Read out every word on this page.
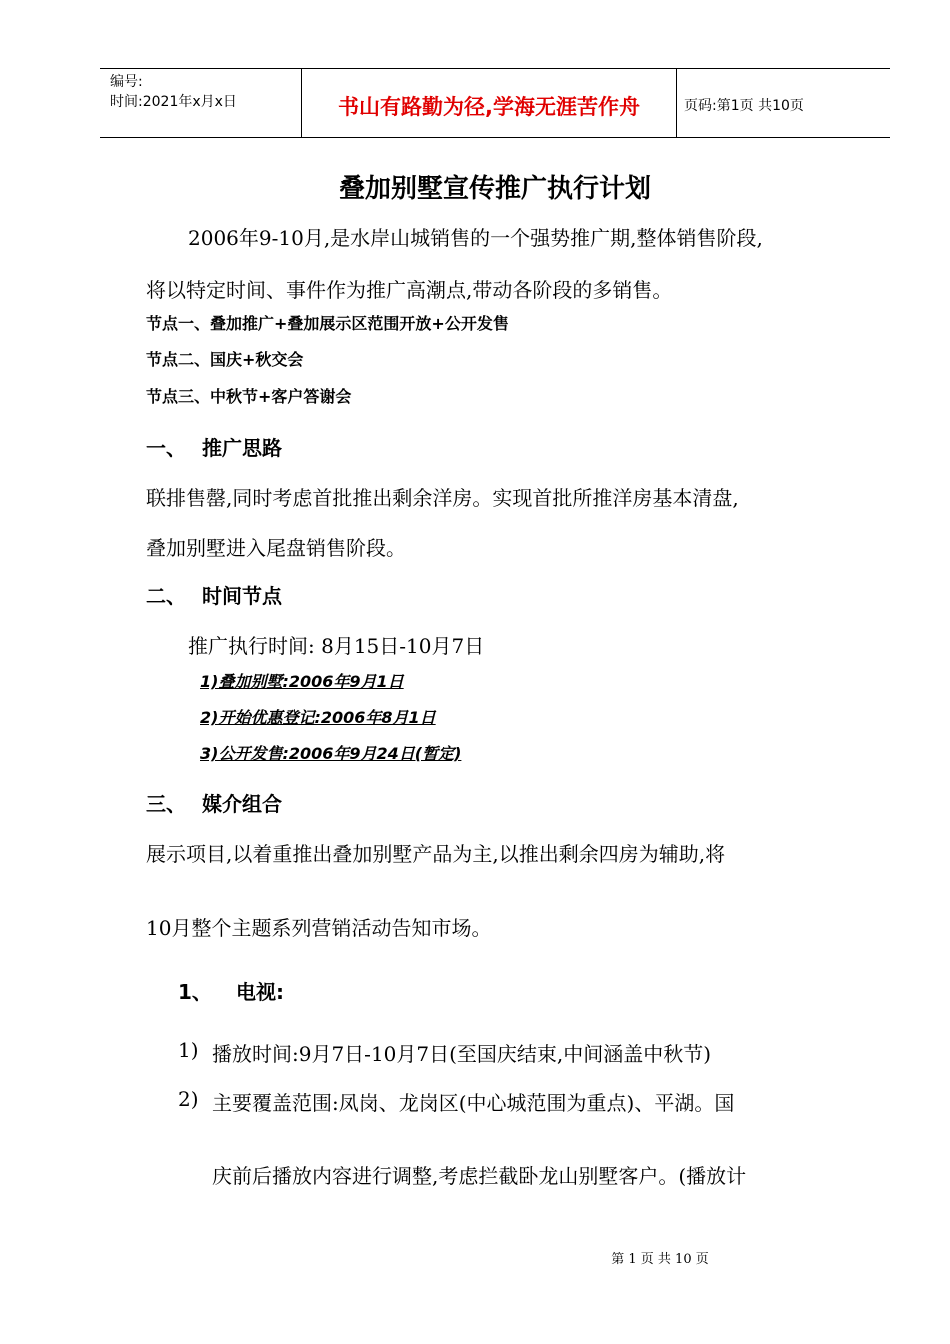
编号:
时间:2021年x月x日	书山有路勤为径,学海无涯苦作舟	页码:第1页 共10页
叠加别墅宣传推广执行计划
2006年9-10月,是水岸山城销售的一个强势推广期,整体销售阶段,
将以特定时间、事件作为推广高潮点,带动各阶段的多销售。
节点一、叠加推广+叠加展示区范围开放+公开发售
节点二、国庆+秋交会
节点三、中秋节+客户答谢会
一、 推广思路
联排售罄,同时考虑首批推出剩余洋房。实现首批所推洋房基本清盘,
叠加别墅进入尾盘销售阶段。
二、 时间节点
推广执行时间: 8月15日-10月7日
1)叠加别墅:2006年9月1日
2)开始优惠登记:2006年8月1日
3)公开发售:2006年9月24日(暂定)
三、 媒介组合
展示项目,以着重推出叠加别墅产品为主,以推出剩余四房为辅助,将
10月整个主题系列营销活动告知市场。
1、 电视:
1) 播放时间:9月7日-10月7日(至国庆结束,中间涵盖中秋节)
2) 主要覆盖范围:凤岗、龙岗区(中心城范围为重点)、平湖。国
庆前后播放内容进行调整,考虑拦截卧龙山别墅客户。(播放计
第 1 页 共 10 页
